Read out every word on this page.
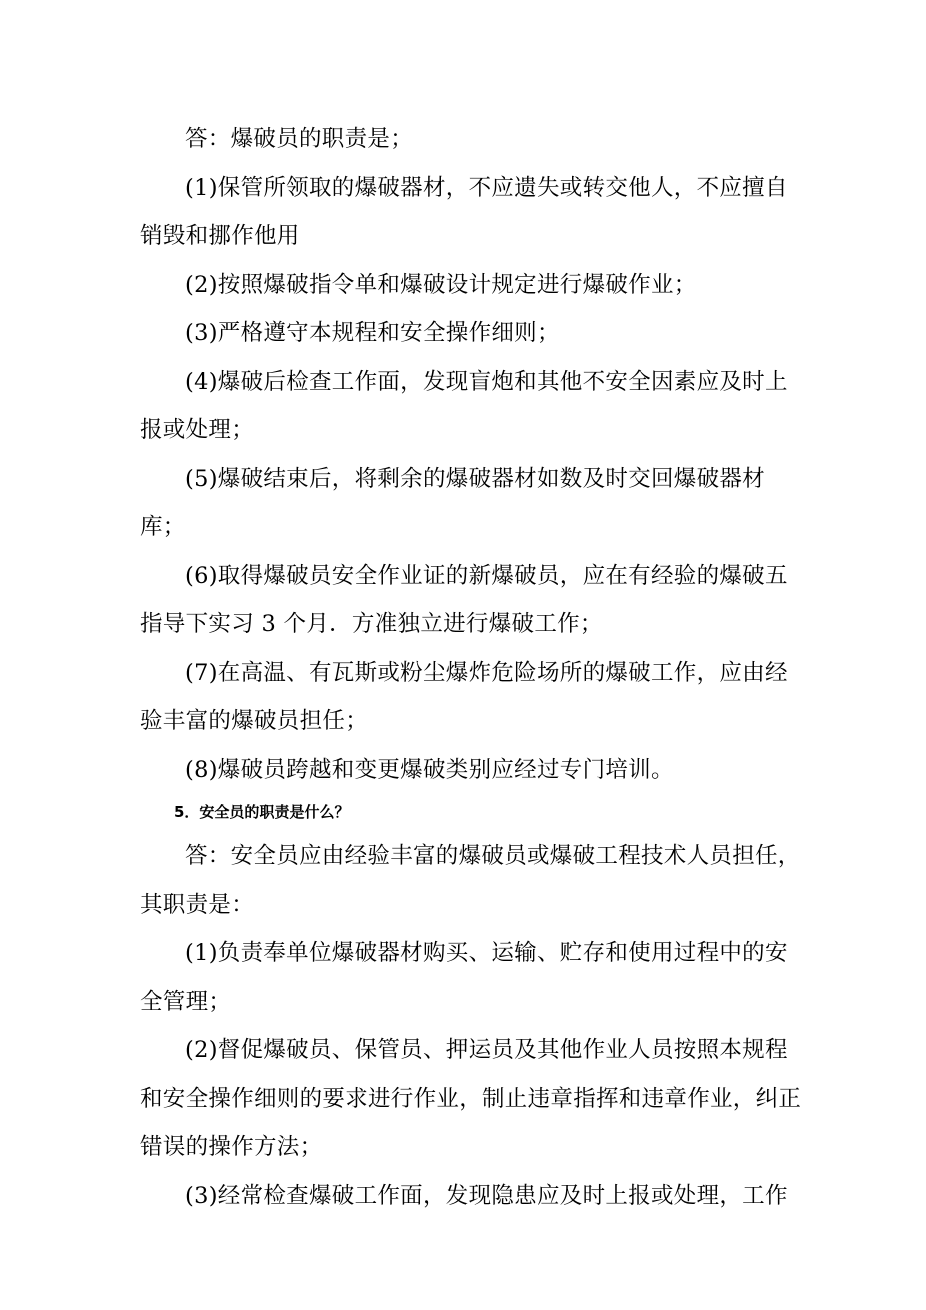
答：爆破员的职责是；

(1)保管所领取的爆破器材，不应遗失或转交他人，不应擅自销毁和挪作他用

(2)按照爆破指令单和爆破设计规定进行爆破作业；

(3)严格遵守本规程和安全操作细则；

(4)爆破后检查工作面，发现盲炮和其他不安全因素应及时上报或处理；

(5)爆破结束后，将剩余的爆破器材如数及时交回爆破器材库；

(6)取得爆破员安全作业证的新爆破员，应在有经验的爆破五指导下实习 3 个月．方准独立进行爆破工作；

(7)在高温、有瓦斯或粉尘爆炸危险场所的爆破工作，应由经验丰富的爆破员担任；

(8)爆破员跨越和变更爆破类别应经过专门培训。

5．安全员的职责是什么？

答：安全员应由经验丰富的爆破员或爆破工程技术人员担任，其职责是：

(1)负责奉单位爆破器材购买、运输、贮存和使用过程中的安全管理；

(2)督促爆破员、保管员、押运员及其他作业人员按照本规程和安全操作细则的要求进行作业，制止违章指挥和违章作业，纠正错误的操作方法；

(3)经常检查爆破工作面，发现隐患应及时上报或处理，工作
